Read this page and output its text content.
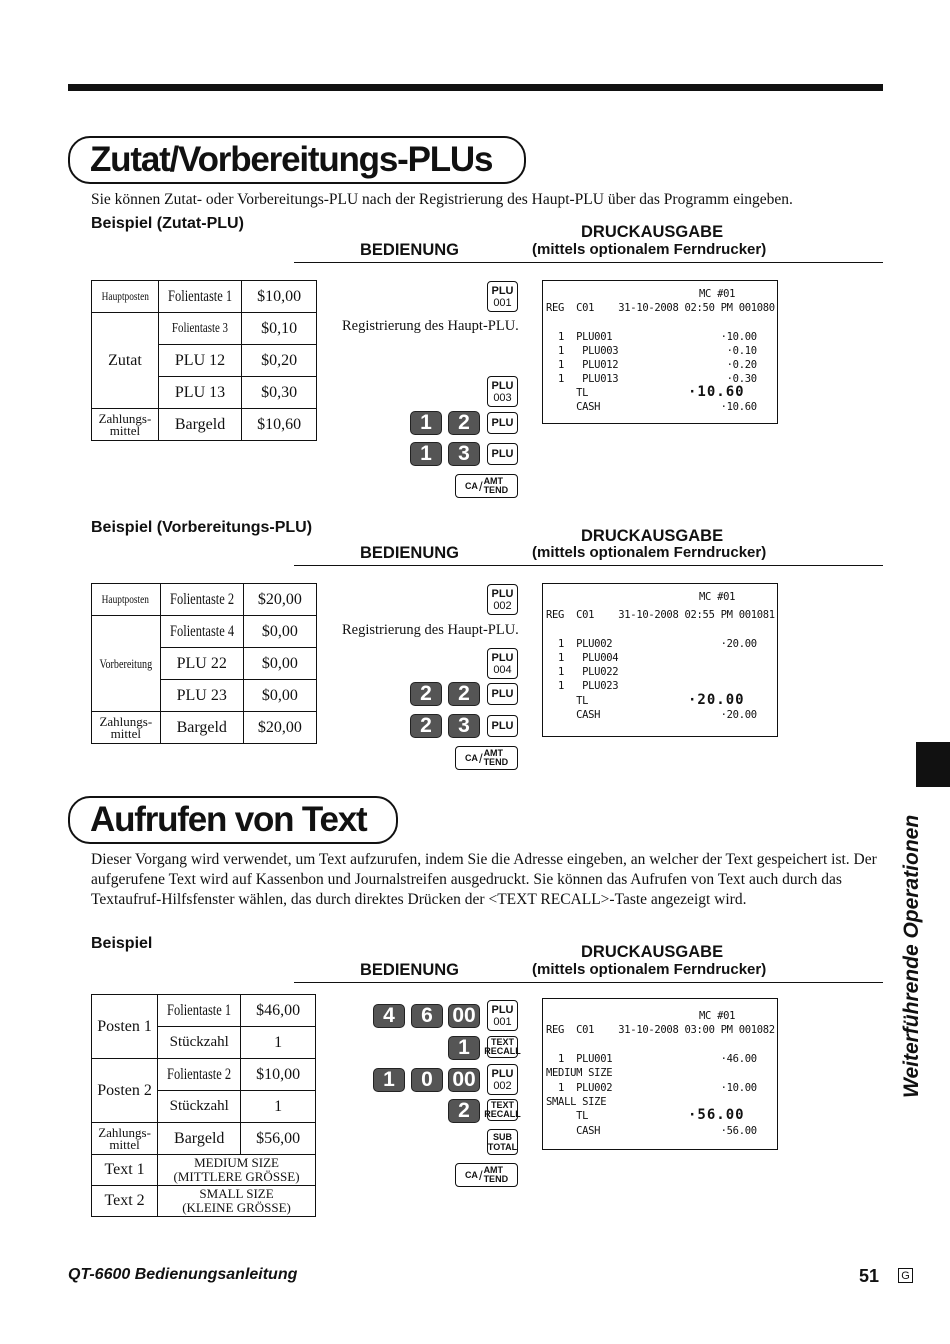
Zutat/Vorbereitungs-PLUs
Sie können Zutat- oder Vorbereitungs-PLU nach der Registrierung des Haupt-PLU über das Programm eingeben.
Beispiel (Zutat-PLU)	DRUCKAUSGABE
BEDIENUNG	(mittels optionalem Ferndrucker)
Hauptposten	Folientaste 1	$10,00
Zutat	Folientaste 3	$0,10
	PLU 12	$0,20
	PLU 13	$0,30

Zahlungs-
mittel	Bargeld	$10,60
PLU
001
Registrierung des Haupt-PLU.
PLU
003
1	2	PLU
1	3	PLU
CA / AMT
TEND
MC #01
REG  C01    31-10-2008 02:50 PM 001080
1  PLU001                  ·10.00
1   PLU003                  ·0.10
1   PLU012                  ·0.20
1   PLU013                  ·0.30
TL	·10.60
CASH                    ·10.60
Beispiel (Vorbereitungs-PLU)	DRUCKAUSGABE
BEDIENUNG	(mittels optionalem Ferndrucker)
Hauptposten	Folientaste 2	$20,00
Vorbereitung	Folientaste 4	$0,00
	PLU 22	$0,00
	PLU 23	$0,00

Zahlungs-
mittel	Bargeld	$20,00
PLU
002
Registrierung des Haupt-PLU.
PLU
004
2	2	PLU
2	3	PLU
CA / AMT
TEND
MC #01
REG  C01    31-10-2008 02:55 PM 001081
1  PLU002                  ·20.00
1   PLU004
1   PLU022
1   PLU023
TL	·20.00
CASH                    ·20.00
Aufrufen von Text
Dieser Vorgang wird verwendet, um Text aufzurufen, indem Sie die Adresse eingeben, an welcher der Text gespeichert ist. Der aufgerufene Text wird auf Kassenbon und Journalstreifen ausgedruckt. Sie können das Aufrufen von Text auch durch das Textaufruf-Hilfsfenster wählen, das durch direktes Drücken der <TEXT RECALL>-Taste angezeigt wird.
Beispiel	DRUCKAUSGABE
BEDIENUNG	(mittels optionalem Ferndrucker)
Posten 1	Folientaste 1	$46,00
	Stückzahl	1
Posten 2	Folientaste 2	$10,00
	Stückzahl	1

Zahlungs-
mittel	Bargeld	$56,00
Text 1	MEDIUM SIZE
(MITTLERE GRÖSSE)	

Text 2	SMALL SIZE
(KLEINE GRÖSSE)	
4	6 00	PLU
001
1	TEXT
RECALL
1	0 00	PLU
002
2	TEXT
RECALL
SUB
TOTAL
CA / AMT
TEND
MC #01
REG  C01    31-10-2008 03:00 PM 001082
1  PLU001                  ·46.00
MEDIUM SIZE
1  PLU002                  ·10.00
SMALL SIZE
TL	·56.00
CASH                    ·56.00
Weiterführende Operationen
QT-6600 Bedienungsanleitung	51 G
